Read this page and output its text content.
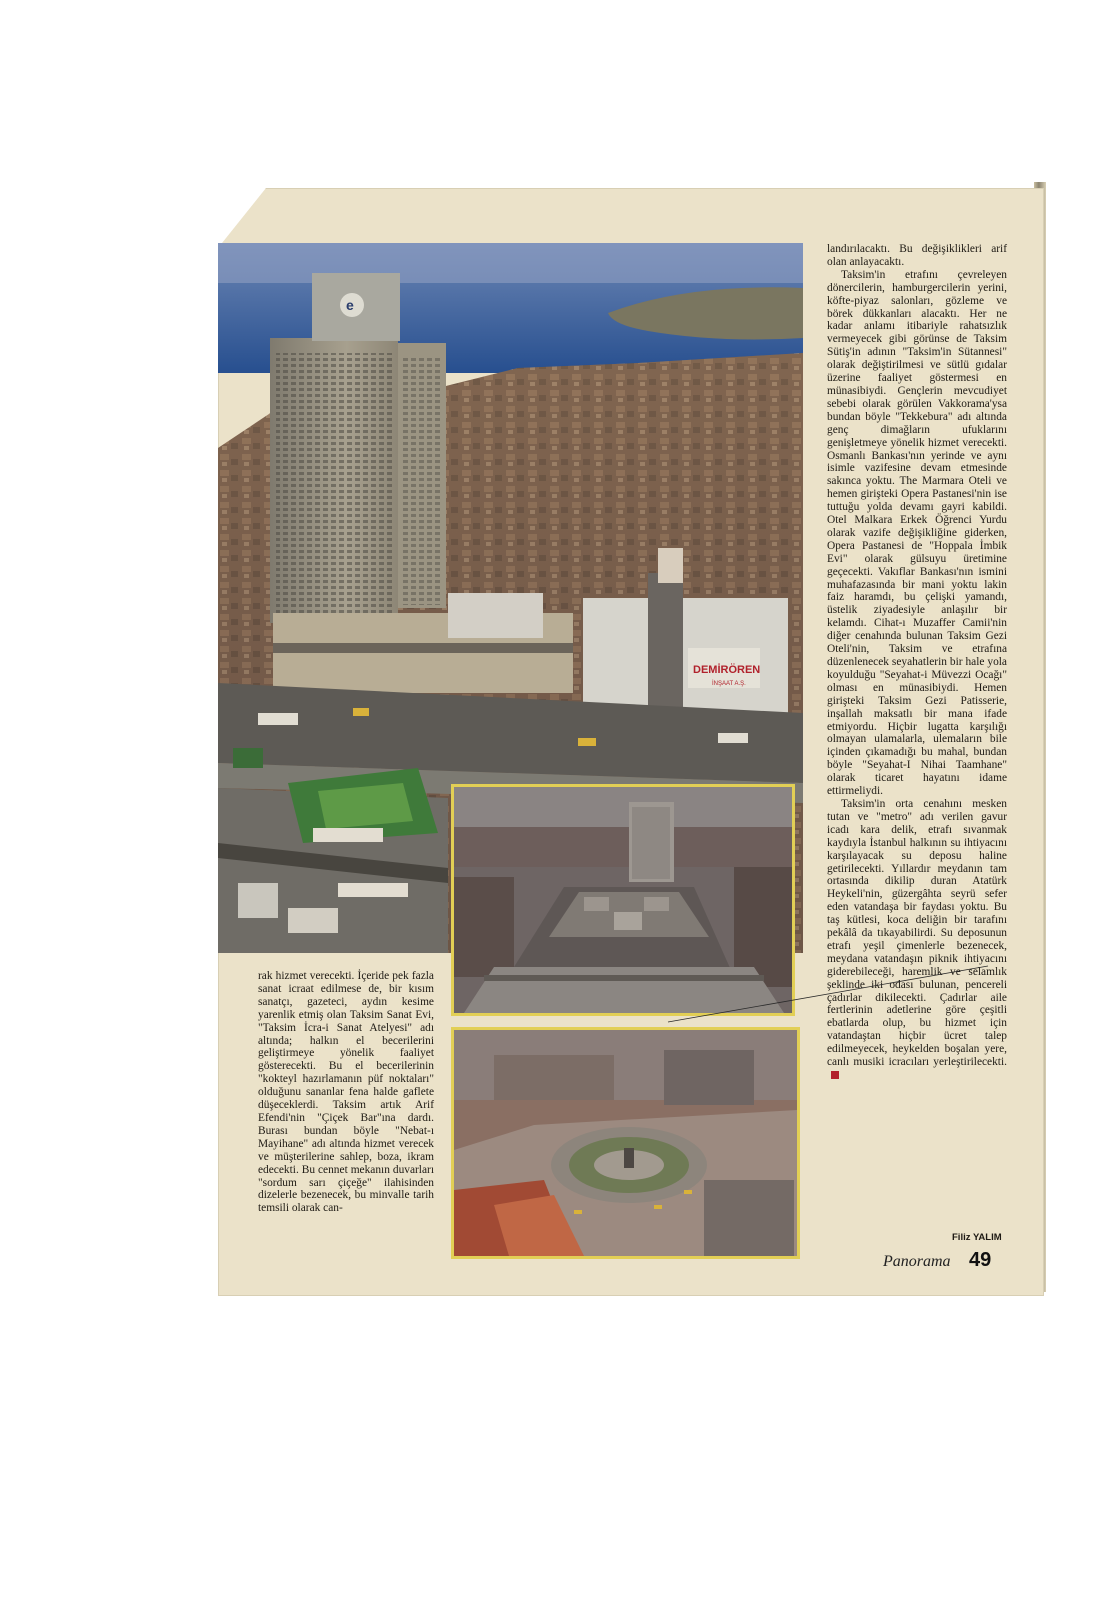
e
DEMİRÖREN
İNŞAAT A.Ş.

landırılacaktı. Bu değişiklikleri arif olan anlayacaktı.

Taksim'in etrafını çevreleyen dönercilerin, hamburgercilerin yerini, köfte-piyaz salonları, gözleme ve börek dükkanları alacaktı. Her ne kadar anlamı itibariyle rahatsızlık vermeyecek gibi görünse de Taksim Sütiş'in adının "Taksim'in Sütannesi" olarak değiştirilmesi ve sütlü gıdalar üzerine faaliyet göstermesi en münasibiydi. Gençlerin mevcudiyet sebebi olarak görülen Vakkorama'ysa bundan böyle "Tekkebura" adı altında genç dimağların ufuklarını genişletmeye yönelik hizmet verecekti. Osmanlı Bankası'nın yerinde ve aynı isimle vazifesine devam etmesinde sakınca yoktu. The Marmara Oteli ve hemen girişteki Opera Pastanesi'nin ise tuttuğu yolda devamı gayri kabildi. Otel Malkara Erkek Öğrenci Yurdu olarak vazife değişikliğine giderken, Opera Pastanesi de "Hoppala İmbik Evi" olarak gülsuyu üretimine geçecekti. Vakıflar Bankası'nın ismini muhafazasında bir mani yoktu lakin faiz haramdı, bu çelişki yamandı, üstelik ziyadesiyle anlaşılır bir kelamdı. Cihat-ı Muzaffer Camii'nin diğer cenahında bulunan Taksim Gezi Oteli'nin, Taksim ve etrafına düzenlenecek seyahatlerin bir hale yola koyulduğu "Seyahat-i Müvezzi Ocağı" olması en münasibiydi. Hemen girişteki Taksim Gezi Patisserie, inşallah maksatlı bir mana ifade etmiyordu. Hiçbir lugatta karşılığı olmayan ulamalarla, ulemaların bile içinden çıkamadığı bu mahal, bundan böyle "Seyahat-I Nihai Taamhane" olarak ticaret hayatını idame ettirmeliydi.

Taksim'in orta cenahını mesken tutan ve "metro" adı verilen gavur icadı kara delik, etrafı sıvanmak kaydıyla İstanbul halkının su ihtiyacını karşılayacak su deposu haline getirilecekti. Yıllardır meydanın tam ortasında dikilip duran Atatürk Heykeli'nin, güzergâhta seyrü sefer eden vatandaşa bir faydası yoktu. Bu taş kütlesi, koca deliğin bir tarafını pekâlâ da tıkayabilirdi. Su deposunun etrafı yeşil çimenlerle bezenecek, meydana vatandaşın piknik ihtiyacını giderebileceği, haremlik ve selamlık şeklinde iki odası bulunan, pencereli çadırlar dikilecekti. Çadırlar aile fertlerinin adetlerine göre çeşitli ebatlarda olup, bu hizmet için vatandaştan hiçbir ücret talep edilmeyecek, heykelden boşalan yere, canlı musiki icracıları yerleştirilecekti.

rak hizmet verecekti. İçeride pek fazla sanat icraat edilmese de, bir kısım sanatçı, gazeteci, aydın kesime yarenlik etmiş olan Taksim Sanat Evi, "Taksim İcra-i Sanat Atelyesi" adı altında; halkın el becerilerini geliştirmeye yönelik faaliyet gösterecekti. Bu el becerilerinin "kokteyl hazırlamanın püf noktaları" olduğunu sananlar fena halde gaflete düşeceklerdi. Taksim artık Arif Efendi'nin "Çiçek Bar"ına dardı. Burası bundan böyle "Nebat-ı Mayihane" adı altında hizmet verecek ve müşterilerine sahlep, boza, ikram edecekti. Bu cennet mekanın duvarları "sordum sarı çiçeğe" ilahisinden dizelerle bezenecek, bu minvalle tarih temsili olarak can-

Filiz YALIM
Panorama 49
